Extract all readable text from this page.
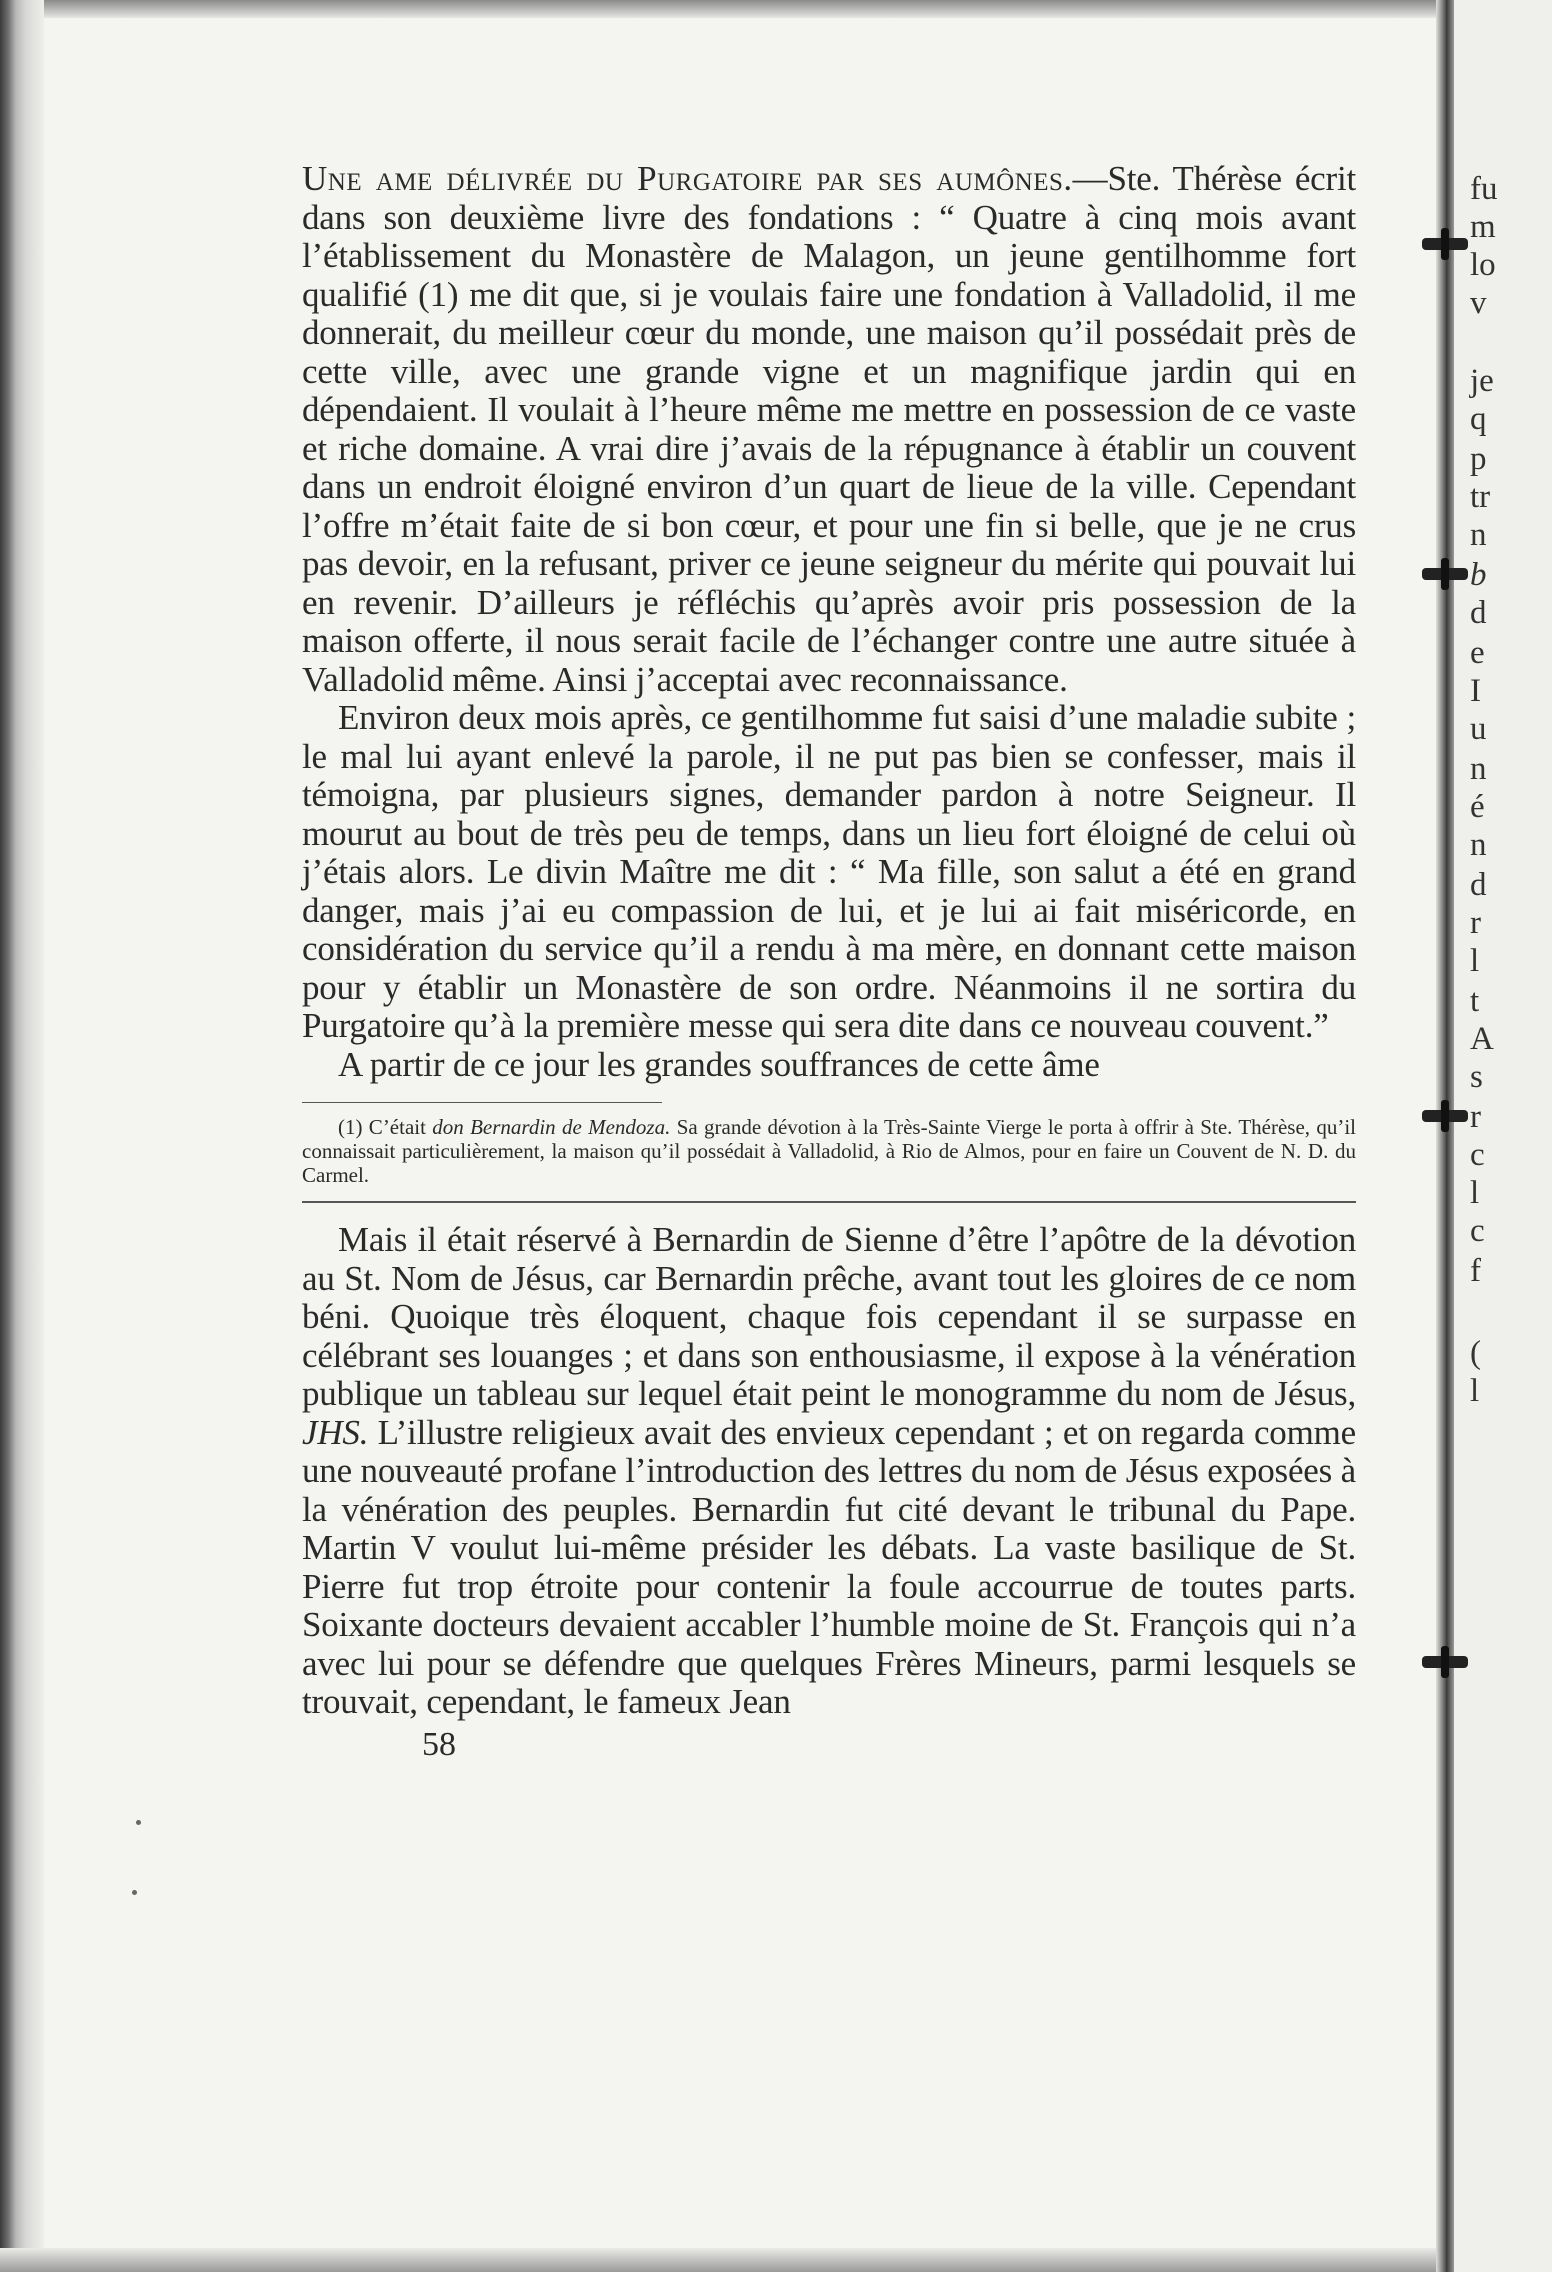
fu
m
lo
v
je
q
p
tr
n
b
d
e
I
u
n
é
n
d
r
l
t
A
s
r
c
l
c
f
(
l

Une ame délivrée du Purgatoire par ses aumônes.—Ste. Thérèse écrit dans son deuxième livre des fondations : “ Quatre à cinq mois avant l’établissement du Monastère de Malagon, un jeune gentilhomme fort qualifié (1) me dit que, si je voulais faire une fondation à Valladolid, il me donnerait, du meilleur cœur du monde, une maison qu’il possédait près de cette ville, avec une grande vigne et un magnifique jardin qui en dépendaient. Il voulait à l’heure même me mettre en possession de ce vaste et riche domaine. A vrai dire j’avais de la répugnance à établir un couvent dans un endroit éloigné environ d’un quart de lieue de la ville. Cependant l’offre m’était faite de si bon cœur, et pour une fin si belle, que je ne crus pas devoir, en la refusant, priver ce jeune seigneur du mérite qui pouvait lui en revenir. D’ailleurs je réfléchis qu’après avoir pris possession de la maison offerte, il nous serait facile de l’échanger contre une autre située à Valladolid même. Ainsi j’acceptai avec reconnaissance.

Environ deux mois après, ce gentilhomme fut saisi d’une maladie subite ; le mal lui ayant enlevé la parole, il ne put pas bien se confesser, mais il témoigna, par plusieurs signes, demander pardon à notre Seigneur. Il mourut au bout de très peu de temps, dans un lieu fort éloigné de celui où j’étais alors. Le divin Maître me dit : “ Ma fille, son salut a été en grand danger, mais j’ai eu compassion de lui, et je lui ai fait miséricorde, en considération du service qu’il a rendu à ma mère, en donnant cette maison pour y établir un Monastère de son ordre. Néanmoins il ne sortira du Purgatoire qu’à la première messe qui sera dite dans ce nouveau couvent.”

A partir de ce jour les grandes souffrances de cette âme

(1) C’était don Bernardin de Mendoza. Sa grande dévotion à la Très-Sainte Vierge le porta à offrir à Ste. Thérèse, qu’il connaissait particulièrement, la maison qu’il possédait à Valladolid, à Rio de Almos, pour en faire un Couvent de N. D. du Carmel.

Mais il était réservé à Bernardin de Sienne d’être l’apôtre de la dévotion au St. Nom de Jésus, car Bernardin prêche, avant tout les gloires de ce nom béni. Quoique très éloquent, chaque fois cependant il se surpasse en célébrant ses louanges ; et dans son enthousiasme, il expose à la vénération publique un tableau sur lequel était peint le monogramme du nom de Jésus, JHS. L’illustre religieux avait des envieux cependant ; et on regarda comme une nouveauté profane l’introduction des lettres du nom de Jésus exposées à la vénération des peuples. Bernardin fut cité devant le tribunal du Pape. Martin V voulut lui-même présider les débats. La vaste basilique de St. Pierre fut trop étroite pour contenir la foule accourrue de toutes parts. Soixante docteurs devaient accabler l’humble moine de St. François qui n’a avec lui pour se défendre que quelques Frères Mineurs, parmi lesquels se trouvait, cependant, le fameux Jean

58
